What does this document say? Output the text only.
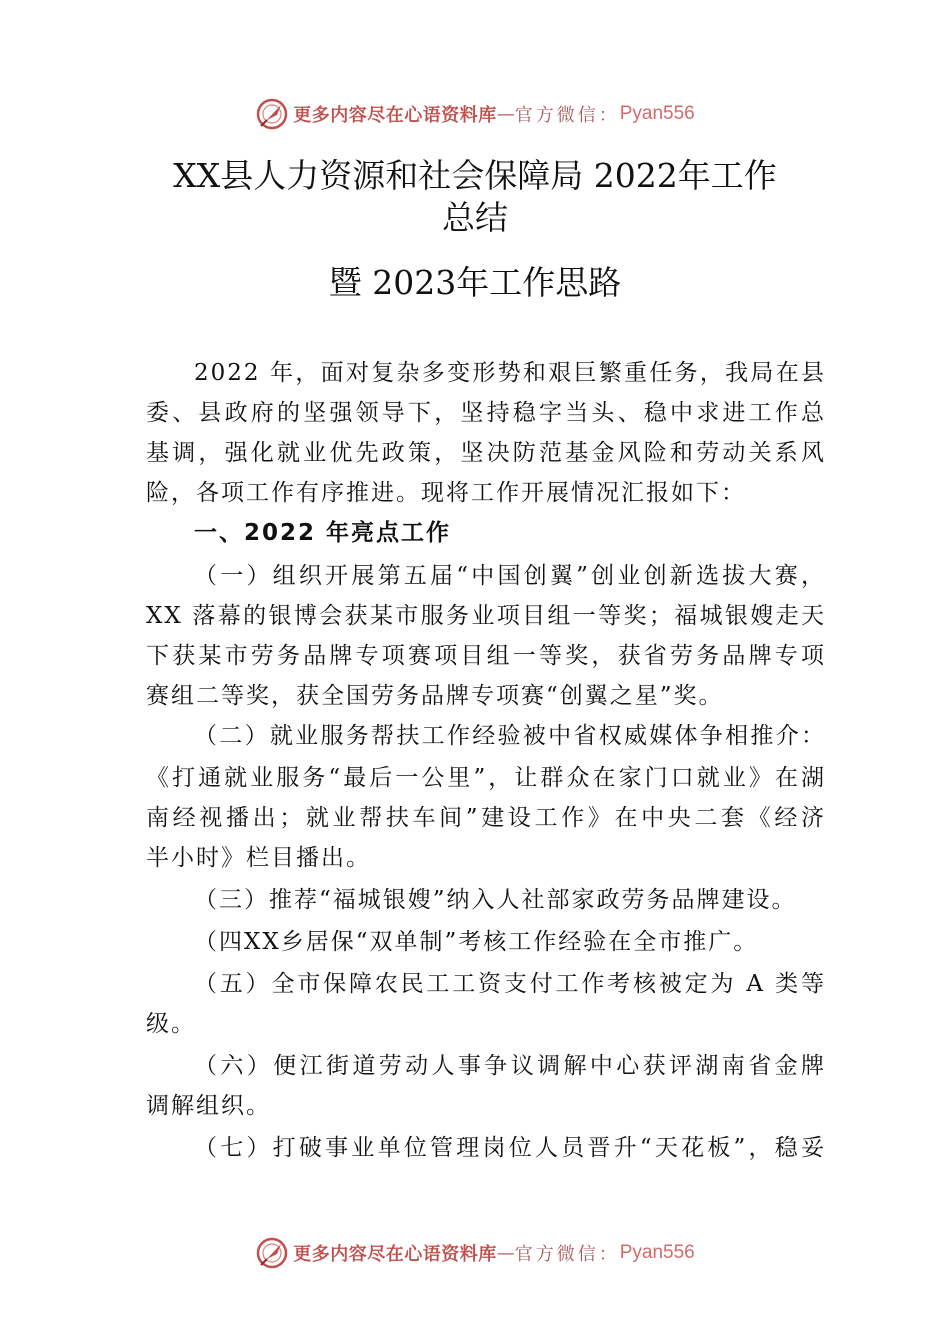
更多内容尽在心语资料库 — 官方微信： Pyan556
XX县人力资源和社会保障局 2022年工作
总结
暨 2023年工作思路

2022 年，面对复杂多变形势和艰巨繁重任务，我局在县

委、县政府的坚强领导下，坚持稳字当头、稳中求进工作总

基调，强化就业优先政策，坚决防范基金风险和劳动关系风

险，各项工作有序推进。现将工作开展情况汇报如下：

一、2022 年亮点工作

（一）组织开展第五届“中国创翼”创业创新选拔大赛，

XX 落幕的银博会获某市服务业项目组一等奖；福城银嫂走天

下获某市劳务品牌专项赛项目组一等奖，获省劳务品牌专项

赛组二等奖，获全国劳务品牌专项赛“创翼之星”奖。

（二）就业服务帮扶工作经验被中省权威媒体争相推介：

《打通就业服务“最后一公里”，让群众在家门口就业》在湖

南经视播出；就业帮扶车间”建设工作》在中央二套《经济

半小时》栏目播出。

（三）推荐“福城银嫂”纳入人社部家政劳务品牌建设。

（四XX乡居保“双单制”考核工作经验在全市推广。

（五）全市保障农民工工资支付工作考核被定为 A 类等

级。

（六）便江街道劳动人事争议调解中心获评湖南省金牌

调解组织。

（七）打破事业单位管理岗位人员晋升“天花板”，稳妥

更多内容尽在心语资料库 — 官方微信： Pyan556
